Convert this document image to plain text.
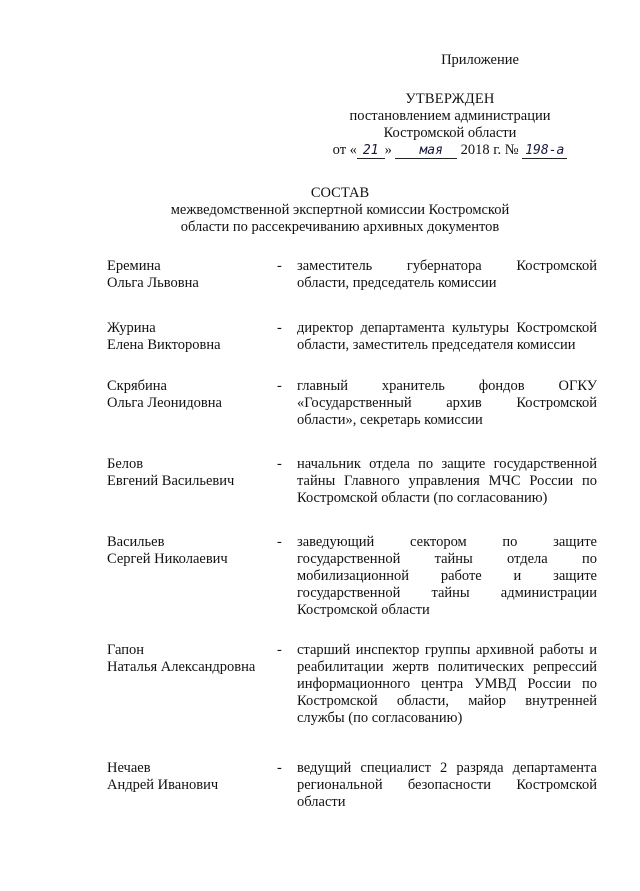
Приложение
УТВЕРЖДЕН
постановлением администрации
Костромской области
от « 21 » мая 2018 г. № 198-а
СОСТАВ
межведомственной экспертной комиссии Костромской
области по рассекречиванию архивных документов
Еремина
Ольга Львовна
-	заместитель губернатора Костромской
области, председатель комиссии
Журина
Елена Викторовна
-	директор департамента культуры Костромской
области, заместитель председателя комиссии
Скрябина
Ольга Леонидовна
-	главный хранитель фондов ОГКУ
«Государственный архив Костромской
области», секретарь комиссии
Белов
Евгений Васильевич
-	начальник отдела по защите государственной
тайны Главного управления МЧС России по
Костромской области (по согласованию)
Васильев
Сергей Николаевич
-	заведующий сектором по защите
государственной тайны отдела по
мобилизационной работе и защите
государственной тайны администрации
Костромской области
Гапон
Наталья Александровна
-	старший инспектор группы архивной работы и
реабилитации жертв политических репрессий
информационного центра УМВД России по
Костромской области, майор внутренней
службы (по согласованию)
Нечаев
Андрей Иванович
-	ведущий специалист 2 разряда департамента
региональной безопасности Костромской
области
